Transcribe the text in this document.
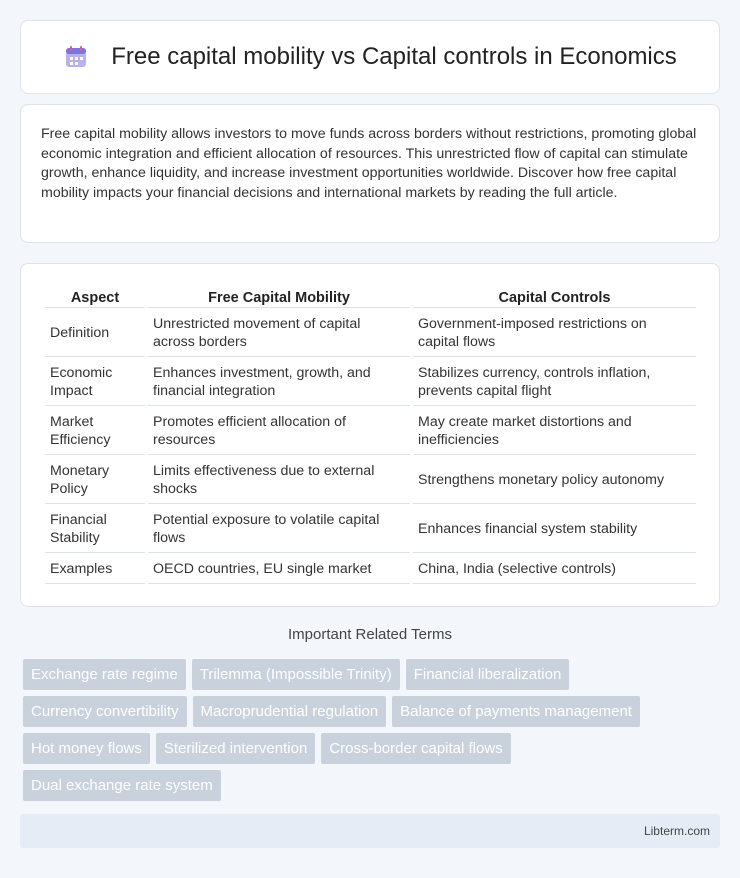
Free capital mobility vs Capital controls in Economics

Free capital mobility allows investors to move funds across borders without restrictions, promoting global economic integration and efficient allocation of resources. This unrestricted flow of capital can stimulate growth, enhance liquidity, and increase investment opportunities worldwide. Discover how free capital mobility impacts your financial decisions and international markets by reading the full article.

Aspect	Free Capital Mobility	Capital Controls
Definition	Unrestricted movement of capital across borders	Government-imposed restrictions on capital flows
Economic Impact	Enhances investment, growth, and financial integration	Stabilizes currency, controls inflation, prevents capital flight
Market Efficiency	Promotes efficient allocation of resources	May create market distortions and inefficiencies
Monetary Policy	Limits effectiveness due to external shocks	Strengthens monetary policy autonomy
Financial Stability	Potential exposure to volatile capital flows	Enhances financial system stability
Examples	OECD countries, EU single market	China, India (selective controls)
Important Related Terms
Exchange rate regime	Trilemma (Impossible Trinity)	Financial liberalization
Currency convertibility	Macroprudential regulation	Balance of payments management
Hot money flows	Sterilized intervention	Cross-border capital flows
Dual exchange rate system
Libterm.com
